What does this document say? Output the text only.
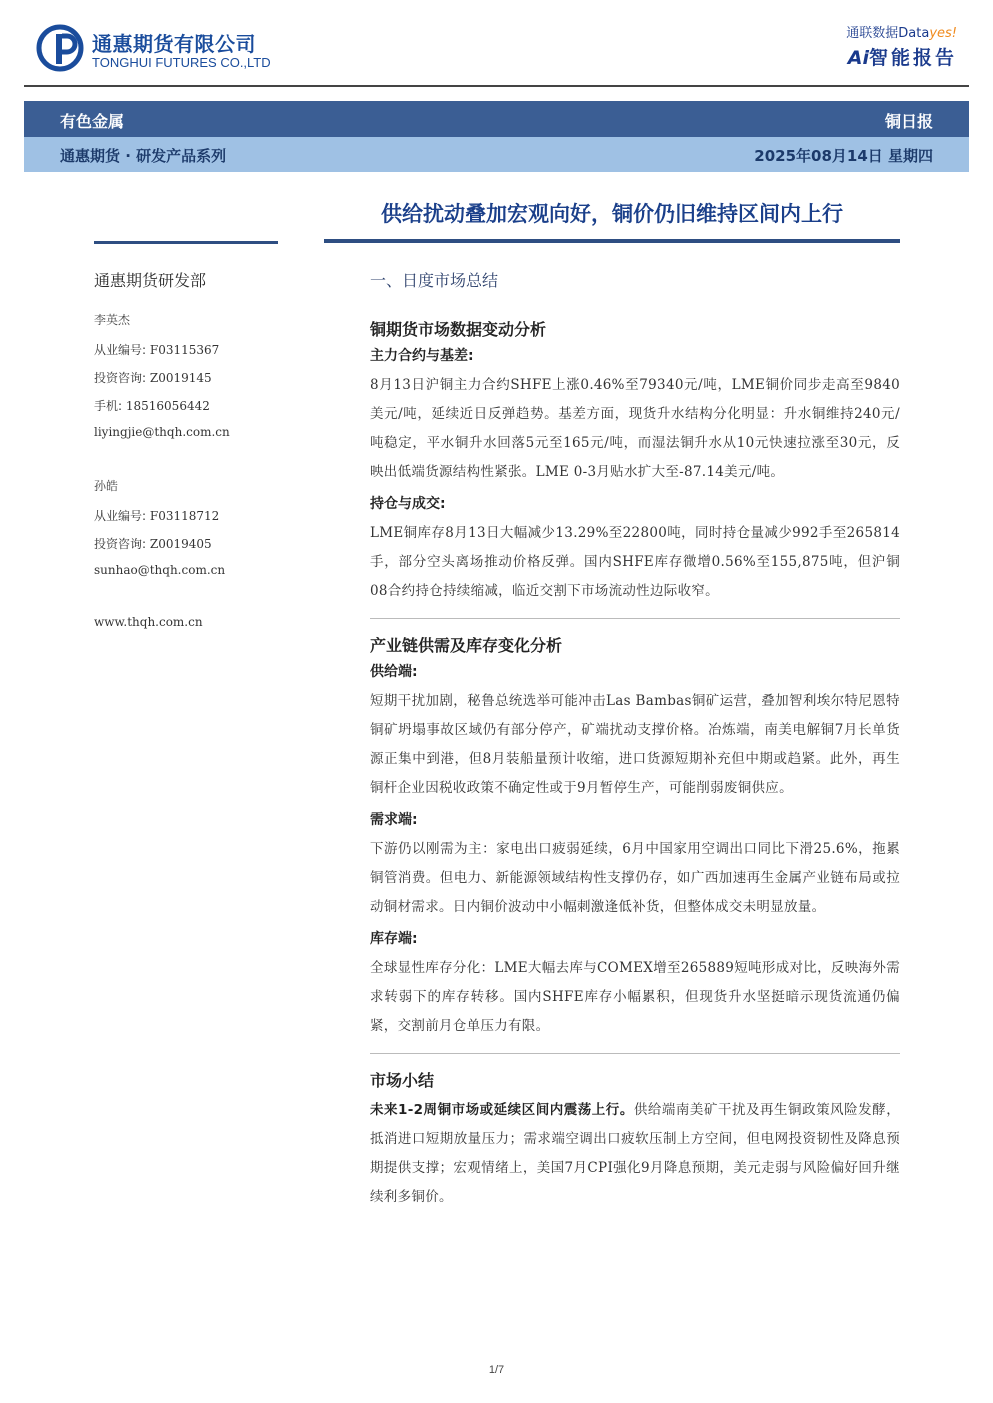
通惠期货有限公司
TONGHUI FUTURES CO.,LTD
通联数据Datayes!
Ai智能报告
有色金属	铜日报
通惠期货 · 研发产品系列	2025年08月14日 星期四
供给扰动叠加宏观向好，铜价仍旧维持区间内上行
通惠期货研发部
李英杰
从业编号: F03115367
投资咨询: Z0019145
手机: 18516056442
liyingjie@thqh.com.cn
孙皓
从业编号: F03118712
投资咨询: Z0019405
sunhao@thqh.com.cn
www.thqh.com.cn
一、日度市场总结
铜期货市场数据变动分析
主力合约与基差:
8月13日沪铜主力合约SHFE上涨0.46%至79340元/吨，LME铜价同步走高至9840美元/吨，延续近日反弹趋势。基差方面，现货升水结构分化明显：升水铜维持240元/吨稳定，平水铜升水回落5元至165元/吨，而湿法铜升水从10元快速拉涨至30元，反映出低端货源结构性紧张。LME 0-3月贴水扩大至-87.14美元/吨。
持仓与成交:
LME铜库存8月13日大幅减少13.29%至22800吨，同时持仓量减少992手至265814手，部分空头离场推动价格反弹。国内SHFE库存微增0.56%至155,875吨，但沪铜08合约持仓持续缩减，临近交割下市场流动性边际收窄。
产业链供需及库存变化分析
供给端:
短期干扰加剧，秘鲁总统选举可能冲击Las Bambas铜矿运营，叠加智利埃尔特尼恩特铜矿坍塌事故区域仍有部分停产，矿端扰动支撑价格。冶炼端，南美电解铜7月长单货源正集中到港，但8月装船量预计收缩，进口货源短期补充但中期或趋紧。此外，再生铜杆企业因税收政策不确定性或于9月暂停生产，可能削弱废铜供应。
需求端:
下游仍以刚需为主：家电出口疲弱延续，6月中国家用空调出口同比下滑25.6%，拖累铜管消费。但电力、新能源领域结构性支撑仍存，如广西加速再生金属产业链布局或拉动铜材需求。日内铜价波动中小幅刺激逢低补货，但整体成交未明显放量。
库存端:
全球显性库存分化：LME大幅去库与COMEX增至265889短吨形成对比，反映海外需求转弱下的库存转移。国内SHFE库存小幅累积，但现货升水坚挺暗示现货流通仍偏紧，交割前月仓单压力有限。
市场小结
未来1-2周铜市场或延续区间内震荡上行。供给端南美矿干扰及再生铜政策风险发酵，抵消进口短期放量压力；需求端空调出口疲软压制上方空间，但电网投资韧性及降息预期提供支撑；宏观情绪上，美国7月CPI强化9月降息预期，美元走弱与风险偏好回升继续利多铜价。
1/7
